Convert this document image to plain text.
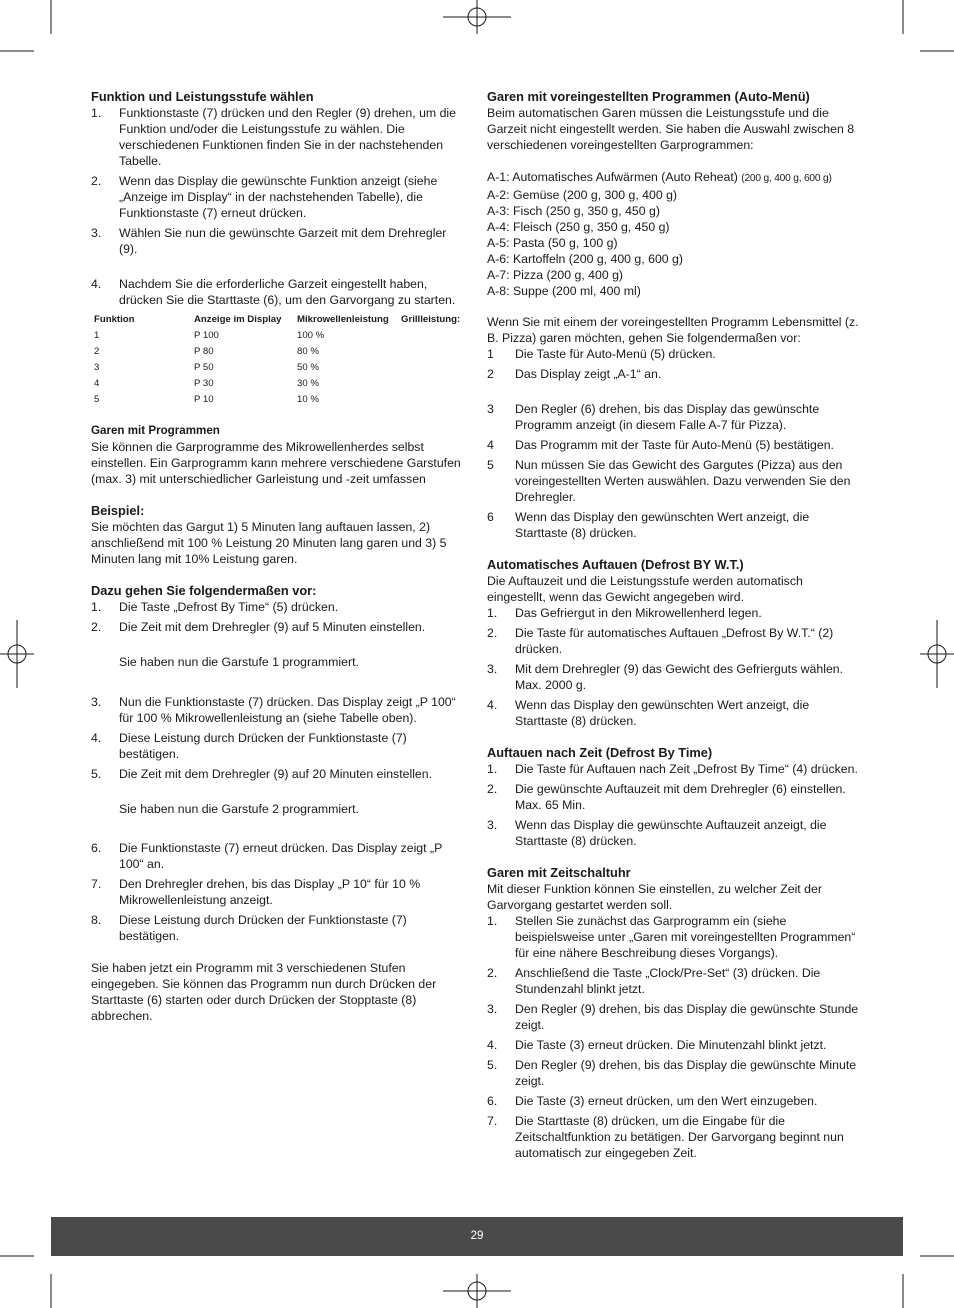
Funktion und Leistungsstufe wählen
1.	Funktionstaste (7) drücken und den Regler (9) drehen, um die Funktion und/oder die Leistungsstufe zu wählen. Die verschiedenen Funktionen finden Sie in der nachstehenden Tabelle.
2.	Wenn das Display die gewünschte Funktion anzeigt (siehe „Anzeige im Display“ in der nachstehenden Tabelle), die Funktionstaste (7) erneut drücken.
3.	Wählen Sie nun die gewünschte Garzeit mit dem Drehregler (9).
4.	Nachdem Sie die erforderliche Garzeit eingestellt haben, drücken Sie die Starttaste (6), um den Garvorgang zu starten.
Funktion	Anzeige im Display	Mikrowellenleistung	Grillleistung:
1	P 100	100 %	
2	P 80	80 %	
3	P 50	50 %	
4	P 30	30 %	
5	P 10	10 %	
Garen mit Programmen

Sie können die Garprogramme des Mikrowellenherdes selbst einstellen. Ein Garprogramm kann mehrere verschiedene Garstufen (max. 3) mit unterschiedlicher Garleistung und -zeit umfassen

Beispiel:

Sie möchten das Gargut 1) 5 Minuten lang auftauen lassen, 2) anschließend mit 100 % Leistung 20 Minuten lang garen und 3) 5 Minuten lang mit 10% Leistung garen.

Dazu gehen Sie folgendermaßen vor:
1.	Die Taste „Defrost By Time“ (5) drücken.
2.	Die Zeit mit dem Drehregler (9) auf 5 Minuten einstellen.

Sie haben nun die Garstufe 1 programmiert.

3.	Nun die Funktionstaste (7) drücken. Das Display zeigt „P 100“ für 100 % Mikrowellenleistung an (siehe Tabelle oben).
4.	Diese Leistung durch Drücken der Funktionstaste (7) bestätigen.
5.	Die Zeit mit dem Drehregler (9) auf 20 Minuten einstellen.

Sie haben nun die Garstufe 2 programmiert.

6.	Die Funktionstaste (7) erneut drücken. Das Display zeigt „P 100“ an.
7.	Den Drehregler drehen, bis das Display „P 10“ für 10 % Mikrowellenleistung anzeigt.
8.	Diese Leistung durch Drücken der Funktionstaste (7) bestätigen.

Sie haben jetzt ein Programm mit 3 verschiedenen Stufen eingegeben. Sie können das Programm nun durch Drücken der Starttaste (6) starten oder durch Drücken der Stopptaste (8) abbrechen.

Garen mit voreingestellten Programmen (Auto-Menü)

Beim automatischen Garen müssen die Leistungsstufe und die Garzeit nicht eingestellt werden. Sie haben die Auswahl zwischen 8 verschiedenen voreingestellten Garprogrammen:

A-1: Automatisches Aufwärmen (Auto Reheat) (200 g, 400 g, 600 g)

A-2: Gemüse (200 g, 300 g, 400 g)

A-3: Fisch (250 g, 350 g, 450 g)

A-4: Fleisch (250 g, 350 g, 450 g)

A-5: Pasta (50 g, 100 g)

A-6: Kartoffeln (200 g, 400 g, 600 g)

A-7: Pizza (200 g, 400 g)

A-8: Suppe (200 ml, 400 ml)

Wenn Sie mit einem der voreingestellten Programm Lebensmittel (z. B. Pizza) garen möchten, gehen Sie folgendermaßen vor:

1	Die Taste für Auto-Menü (5) drücken.
2	Das Display zeigt „A-1“ an.
3	Den Regler (6) drehen, bis das Display das gewünschte Programm anzeigt (in diesem Falle A-7 für Pizza).
4	Das Programm mit der Taste für Auto-Menü (5) bestätigen.
5	Nun müssen Sie das Gewicht des Gargutes (Pizza) aus den voreingestellten Werten auswählen. Dazu verwenden Sie den Drehregler.
6	Wenn das Display den gewünschten Wert anzeigt, die Starttaste (8) drücken.
Automatisches Auftauen (Defrost BY W.T.)

Die Auftauzeit und die Leistungsstufe werden automatisch eingestellt, wenn das Gewicht angegeben wird.

1.	Das Gefriergut in den Mikrowellenherd legen.
2.	Die Taste für automatisches Auftauen „Defrost By W.T.“ (2) drücken.
3.	Mit dem Drehregler (9) das Gewicht des Gefrierguts wählen. Max. 2000 g.
4.	Wenn das Display den gewünschten Wert anzeigt, die Starttaste (8) drücken.
Auftauen nach Zeit (Defrost By Time)
1.	Die Taste für Auftauen nach Zeit „Defrost By Time“ (4) drücken.
2.	Die gewünschte Auftauzeit mit dem Drehregler (6) einstellen. Max. 65 Min.
3.	Wenn das Display die gewünschte Auftauzeit anzeigt, die Starttaste (8) drücken.
Garen mit Zeitschaltuhr

Mit dieser Funktion können Sie einstellen, zu welcher Zeit der Garvorgang gestartet werden soll.

1.	Stellen Sie zunächst das Garprogramm ein (siehe beispielsweise unter „Garen mit voreingestellten Programmen“ für eine nähere Beschreibung dieses Vorgangs).
2.	Anschließend die Taste „Clock/Pre-Set“ (3) drücken. Die Stundenzahl blinkt jetzt.
3.	Den Regler (9) drehen, bis das Display die gewünschte Stunde zeigt.
4.	Die Taste (3) erneut drücken. Die Minutenzahl blinkt jetzt.
5.	Den Regler (9) drehen, bis das Display die gewünschte Minute zeigt.
6.	Die Taste (3) erneut drücken, um den Wert einzugeben.
7.	Die Starttaste (8) drücken, um die Eingabe für die Zeitschaltfunktion zu betätigen. Der Garvorgang beginnt nun automatisch zur eingegeben Zeit.
29
